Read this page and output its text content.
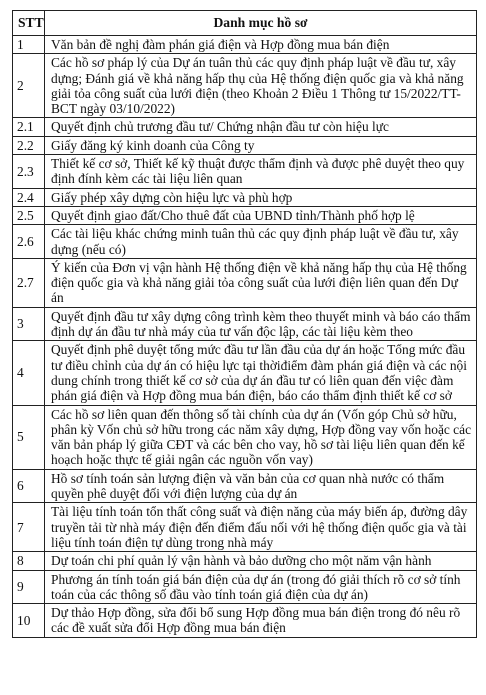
STT	Danh mục hồ sơ
1	Văn bản đề nghị đàm phán giá điện và Hợp đồng mua bán điện
2	Các hồ sơ pháp lý của Dự án tuân thủ các quy định pháp luật về đầu tư, xây dựng; Đánh giá về khả năng hấp thụ của Hệ thống điện quốc gia và khả năng giải tỏa công suất của lưới điện (theo Khoản 2 Điều 1 Thông tư 15/2022/TT-BCT ngày 03/10/2022)
2.1	Quyết định chủ trương đầu tư/ Chứng nhận đầu tư còn hiệu lực
2.2	Giấy đăng ký kinh doanh của Công ty
2.3	Thiết kế cơ sở, Thiết kế kỹ thuật được thẩm định và được phê duyệt theo quy định đính kèm các tài liệu liên quan
2.4	Giấy phép xây dựng còn hiệu lực và phù hợp
2.5	Quyết định giao đất/Cho thuê đất của UBND tỉnh/Thành phố hợp lệ
2.6	Các tài liệu khác chứng minh tuân thủ các quy định pháp luật về đầu tư, xây dựng (nếu có)
2.7	Ý kiến của Đơn vị vận hành Hệ thống điện về khả năng hấp thụ của Hệ thống điện quốc gia và khả năng giải tỏa công suất của lưới điện liên quan đến Dự án
3	Quyết định đầu tư xây dựng công trình kèm theo thuyết minh và báo cáo thẩm định dự án đầu tư nhà máy của tư vấn độc lập, các tài liệu kèm theo
4	Quyết định phê duyệt tổng mức đầu tư lần đầu của dự án hoặc Tổng mức đầu tư điều chỉnh của dự án có hiệu lực tại thờiđiểm đàm phán giá điện và các nội dung chính trong thiết kế cơ sở của dự án đầu tư có liên quan đến việc đàm phán giá điện và Hợp đồng mua bán điện, báo cáo thẩm định thiết kế cơ sở
5	Các hồ sơ liên quan đến thông số tài chính của dự án (Vốn góp Chủ sở hữu, phân kỳ Vốn chủ sở hữu trong các năm xây dựng, Hợp đồng vay vốn hoặc các văn bản pháp lý giữa CĐT và các bên cho vay, hồ sơ tài liệu liên quan đến kế hoạch hoặc thực tế giải ngân các nguồn vốn vay)
6	Hồ sơ tính toán sản lượng điện và văn bản của cơ quan nhà nước có thẩm quyền phê duyệt đối với điện lượng của dự án
7	Tài liệu tính toán tổn thất công suất và điện năng của máy biến áp, đường dây truyền tải từ nhà máy điện đến điểm đấu nối với hệ thống điện quốc gia và tài liệu tính toán điện tự dùng trong nhà máy
8	Dự toán chi phí quản lý vận hành và bảo dưỡng cho một năm vận hành
9	Phương án tính toán giá bán điện của dự án (trong đó giải thích rõ cơ sở tính toán của các thông số đầu vào tính toán giá điện của dự án)
10	Dự thảo Hợp đồng, sửa đổi bổ sung Hợp đồng mua bán điện trong đó nêu rõ các đề xuất sửa đổi Hợp đồng mua bán điện
